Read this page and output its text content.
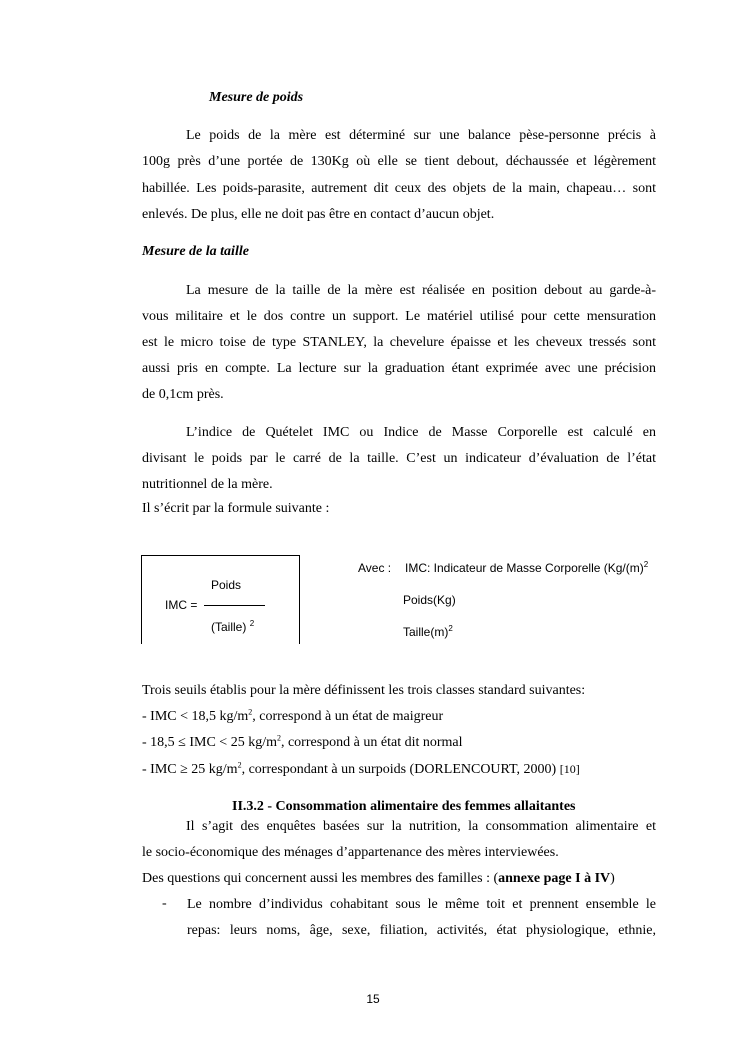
Mesure de poids
Le poids de la mère est déterminé sur une balance pèse-personne précis à
100g près d’une portée de 130Kg où elle se tient debout, déchaussée et légèrement
habillée. Les poids-parasite, autrement dit ceux des objets de la main, chapeau… sont
enlevés. De plus, elle ne doit pas être en contact d’aucun objet.
Mesure de la taille
La mesure de la taille de la mère est réalisée en position debout au garde-à-
vous militaire et le dos contre un support. Le matériel utilisé pour cette mensuration
est le micro toise de type STANLEY, la chevelure épaisse et les cheveux tressés sont
aussi pris en compte. La lecture sur la graduation étant exprimée avec une précision
de 0,1cm près.
L’indice de Quételet IMC ou Indice de Masse Corporelle est calculé en
divisant le poids par le carré de la taille. C’est un indicateur d’évaluation de l’état
nutritionnel de la mère.
Il s’écrit par la formule suivante :
Poids
IMC =
(Taille) $^2$
Avec : IMC: Indicateur de Masse Corporelle ($Kg/(m)^2$
Poids(Kg)
$Taille(m)^2$
Trois seuils établis pour la mère définissent les trois classes standard suivantes:
- IMC < 18,5 $kg/m^2$, correspond à un état de maigreur
- 18,5 ≤ IMC < 25 $kg/m^2$, correspond à un état dit normal
- IMC ≥ 25 $kg/m^2$, correspondant à un surpoids (DORLENCOURT, 2000) [10]
II.3.2 - Consommation alimentaire des femmes allaitantes
Il s’agit des enquêtes basées sur la nutrition, la consommation alimentaire et
le socio-économique des ménages d’appartenance des mères interviewées.
Des questions qui concernent aussi les membres des familles : (annexe page I à IV)
- Le nombre d’individus cohabitant sous le même toit et prennent ensemble le
repas: leurs noms, âge, sexe, filiation, activités, état physiologique, ethnie,
15
